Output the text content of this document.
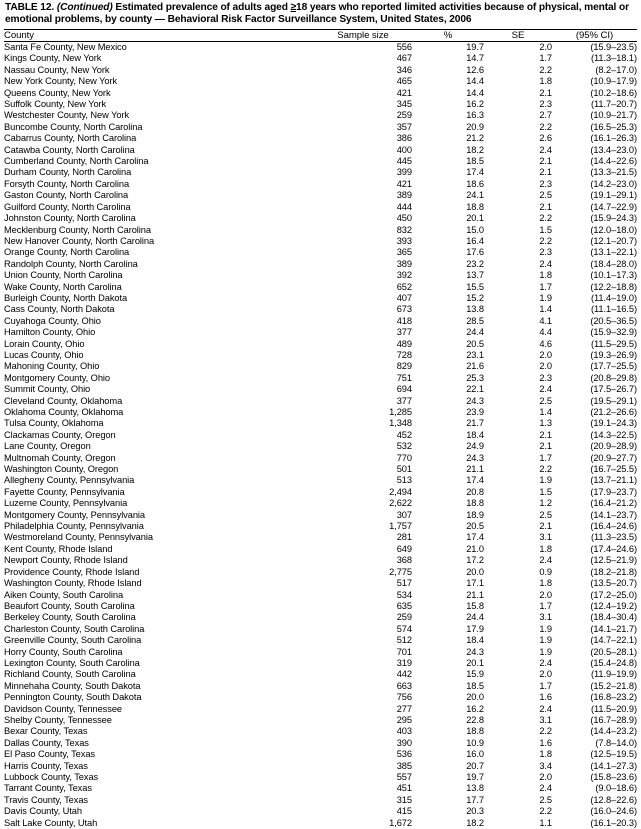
TABLE 12. (Continued) Estimated prevalence of adults aged ≥18 years who reported limited activities because of physical, mental or emotional problems, by county — Behavioral Risk Factor Surveillance System, United States, 2006
County	Sample size	%	SE	(95% CI)
Santa Fe County, New Mexico	556	19.7	2.0	(15.9–23.5)
Kings County, New York	467	14.7	1.7	(11.3–18.1)
Nassau County, New York	346	12.6	2.2	(8.2–17.0)
New York County, New York	465	14.4	1.8	(10.9–17.9)
Queens County, New York	421	14.4	2.1	(10.2–18.6)
Suffolk County, New York	345	16.2	2.3	(11.7–20.7)
Westchester County, New York	259	16.3	2.7	(10.9–21.7)
Buncombe County, North Carolina	357	20.9	2.2	(16.5–25.3)
Cabarrus County, North Carolina	386	21.2	2.6	(16.1–26.3)
Catawba County, North Carolina	400	18.2	2.4	(13.4–23.0)
Cumberland County, North Carolina	445	18.5	2.1	(14.4–22.6)
Durham County, North Carolina	399	17.4	2.1	(13.3–21.5)
Forsyth County, North Carolina	421	18.6	2.3	(14.2–23.0)
Gaston County, North Carolina	389	24.1	2.5	(19.1–29.1)
Guilford County, North Carolina	444	18.8	2.1	(14.7–22.9)
Johnston County, North Carolina	450	20.1	2.2	(15.9–24.3)
Mecklenburg County, North Carolina	832	15.0	1.5	(12.0–18.0)
New Hanover County, North Carolina	393	16.4	2.2	(12.1–20.7)
Orange County, North Carolina	365	17.6	2.3	(13.1–22.1)
Randolph County, North Carolina	389	23.2	2.4	(18.4–28.0)
Union County, North Carolina	392	13.7	1.8	(10.1–17.3)
Wake County, North Carolina	652	15.5	1.7	(12.2–18.8)
Burleigh County, North Dakota	407	15.2	1.9	(11.4–19.0)
Cass County, North Dakota	673	13.8	1.4	(11.1–16.5)
Cuyahoga County, Ohio	418	28.5	4.1	(20.5–36.5)
Hamilton County, Ohio	377	24.4	4.4	(15.9–32.9)
Lorain County, Ohio	489	20.5	4.6	(11.5–29.5)
Lucas County, Ohio	728	23.1	2.0	(19.3–26.9)
Mahoning County, Ohio	829	21.6	2.0	(17.7–25.5)
Montgomery County, Ohio	751	25.3	2.3	(20.8–29.8)
Summit County, Ohio	694	22.1	2.4	(17.5–26.7)
Cleveland County, Oklahoma	377	24.3	2.5	(19.5–29.1)
Oklahoma County, Oklahoma	1,285	23.9	1.4	(21.2–26.6)
Tulsa County, Oklahoma	1,348	21.7	1.3	(19.1–24.3)
Clackamas County, Oregon	452	18.4	2.1	(14.3–22.5)
Lane County, Oregon	532	24.9	2.1	(20.9–28.9)
Multnomah County, Oregon	770	24.3	1.7	(20.9–27.7)
Washington County, Oregon	501	21.1	2.2	(16.7–25.5)
Allegheny County, Pennsylvania	513	17.4	1.9	(13.7–21.1)
Fayette County, Pennsylvania	2,494	20.8	1.5	(17.9–23.7)
Luzerne County, Pennsylvania	2,622	18.8	1.2	(16.4–21.2)
Montgomery County, Pennsylvania	307	18.9	2.5	(14.1–23.7)
Philadelphia County, Pennsylvania	1,757	20.5	2.1	(16.4–24.6)
Westmoreland County, Pennsylvania	281	17.4	3.1	(11.3–23.5)
Kent County, Rhode Island	649	21.0	1.8	(17.4–24.6)
Newport County, Rhode Island	368	17.2	2.4	(12.5–21.9)
Providence County, Rhode Island	2,775	20.0	0.9	(18.2–21.8)
Washington County, Rhode Island	517	17.1	1.8	(13.5–20.7)
Aiken County, South Carolina	534	21.1	2.0	(17.2–25.0)
Beaufort County, South Carolina	635	15.8	1.7	(12.4–19.2)
Berkeley County, South Carolina	259	24.4	3.1	(18.4–30.4)
Charleston County, South Carolina	574	17.9	1.9	(14.1–21.7)
Greenville County, South Carolina	512	18.4	1.9	(14.7–22.1)
Horry County, South Carolina	701	24.3	1.9	(20.5–28.1)
Lexington County, South Carolina	319	20.1	2.4	(15.4–24.8)
Richland County, South Carolina	442	15.9	2.0	(11.9–19.9)
Minnehaha County, South Dakota	663	18.5	1.7	(15.2–21.8)
Pennington County, South Dakota	756	20.0	1.6	(16.8–23.2)
Davidson County, Tennessee	277	16.2	2.4	(11.5–20.9)
Shelby County, Tennessee	295	22.8	3.1	(16.7–28.9)
Bexar County, Texas	403	18.8	2.2	(14.4–23.2)
Dallas County, Texas	390	10.9	1.6	(7.8–14.0)
El Paso County, Texas	536	16.0	1.8	(12.5–19.5)
Harris County, Texas	385	20.7	3.4	(14.1–27.3)
Lubbock County, Texas	557	19.7	2.0	(15.8–23.6)
Tarrant County, Texas	451	13.8	2.4	(9.0–18.6)
Travis County, Texas	315	17.7	2.5	(12.8–22.6)
Davis County, Utah	415	20.3	2.2	(16.0–24.6)
Salt Lake County, Utah	1,672	18.2	1.1	(16.1–20.3)
